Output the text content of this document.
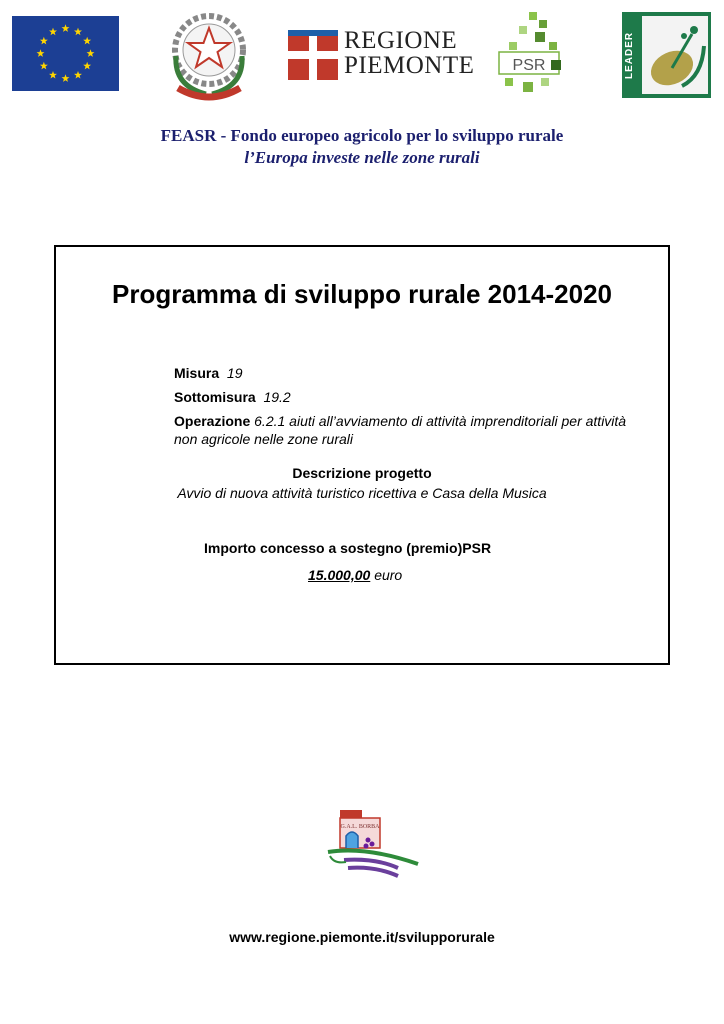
REGIONE
PIEMONTE PSR	LEADER
FEASR - Fondo europeo agricolo per lo sviluppo rurale
l’Europa investe nelle zone rurali
Programma di sviluppo rurale 2014-2020
Misura 19
Sottomisura 19.2
Operazione 6.2.1 aiuti all’avviamento di attività imprenditoriali per attività non agricole nelle zone rurali
Descrizione progetto
Avvio di nuova attività turistico ricettiva e Casa della Musica
Importo concesso a sostegno (premio)PSR
15.000,00 euro
G.A.L. BORBA
www.regione.piemonte.it/svilupporurale
